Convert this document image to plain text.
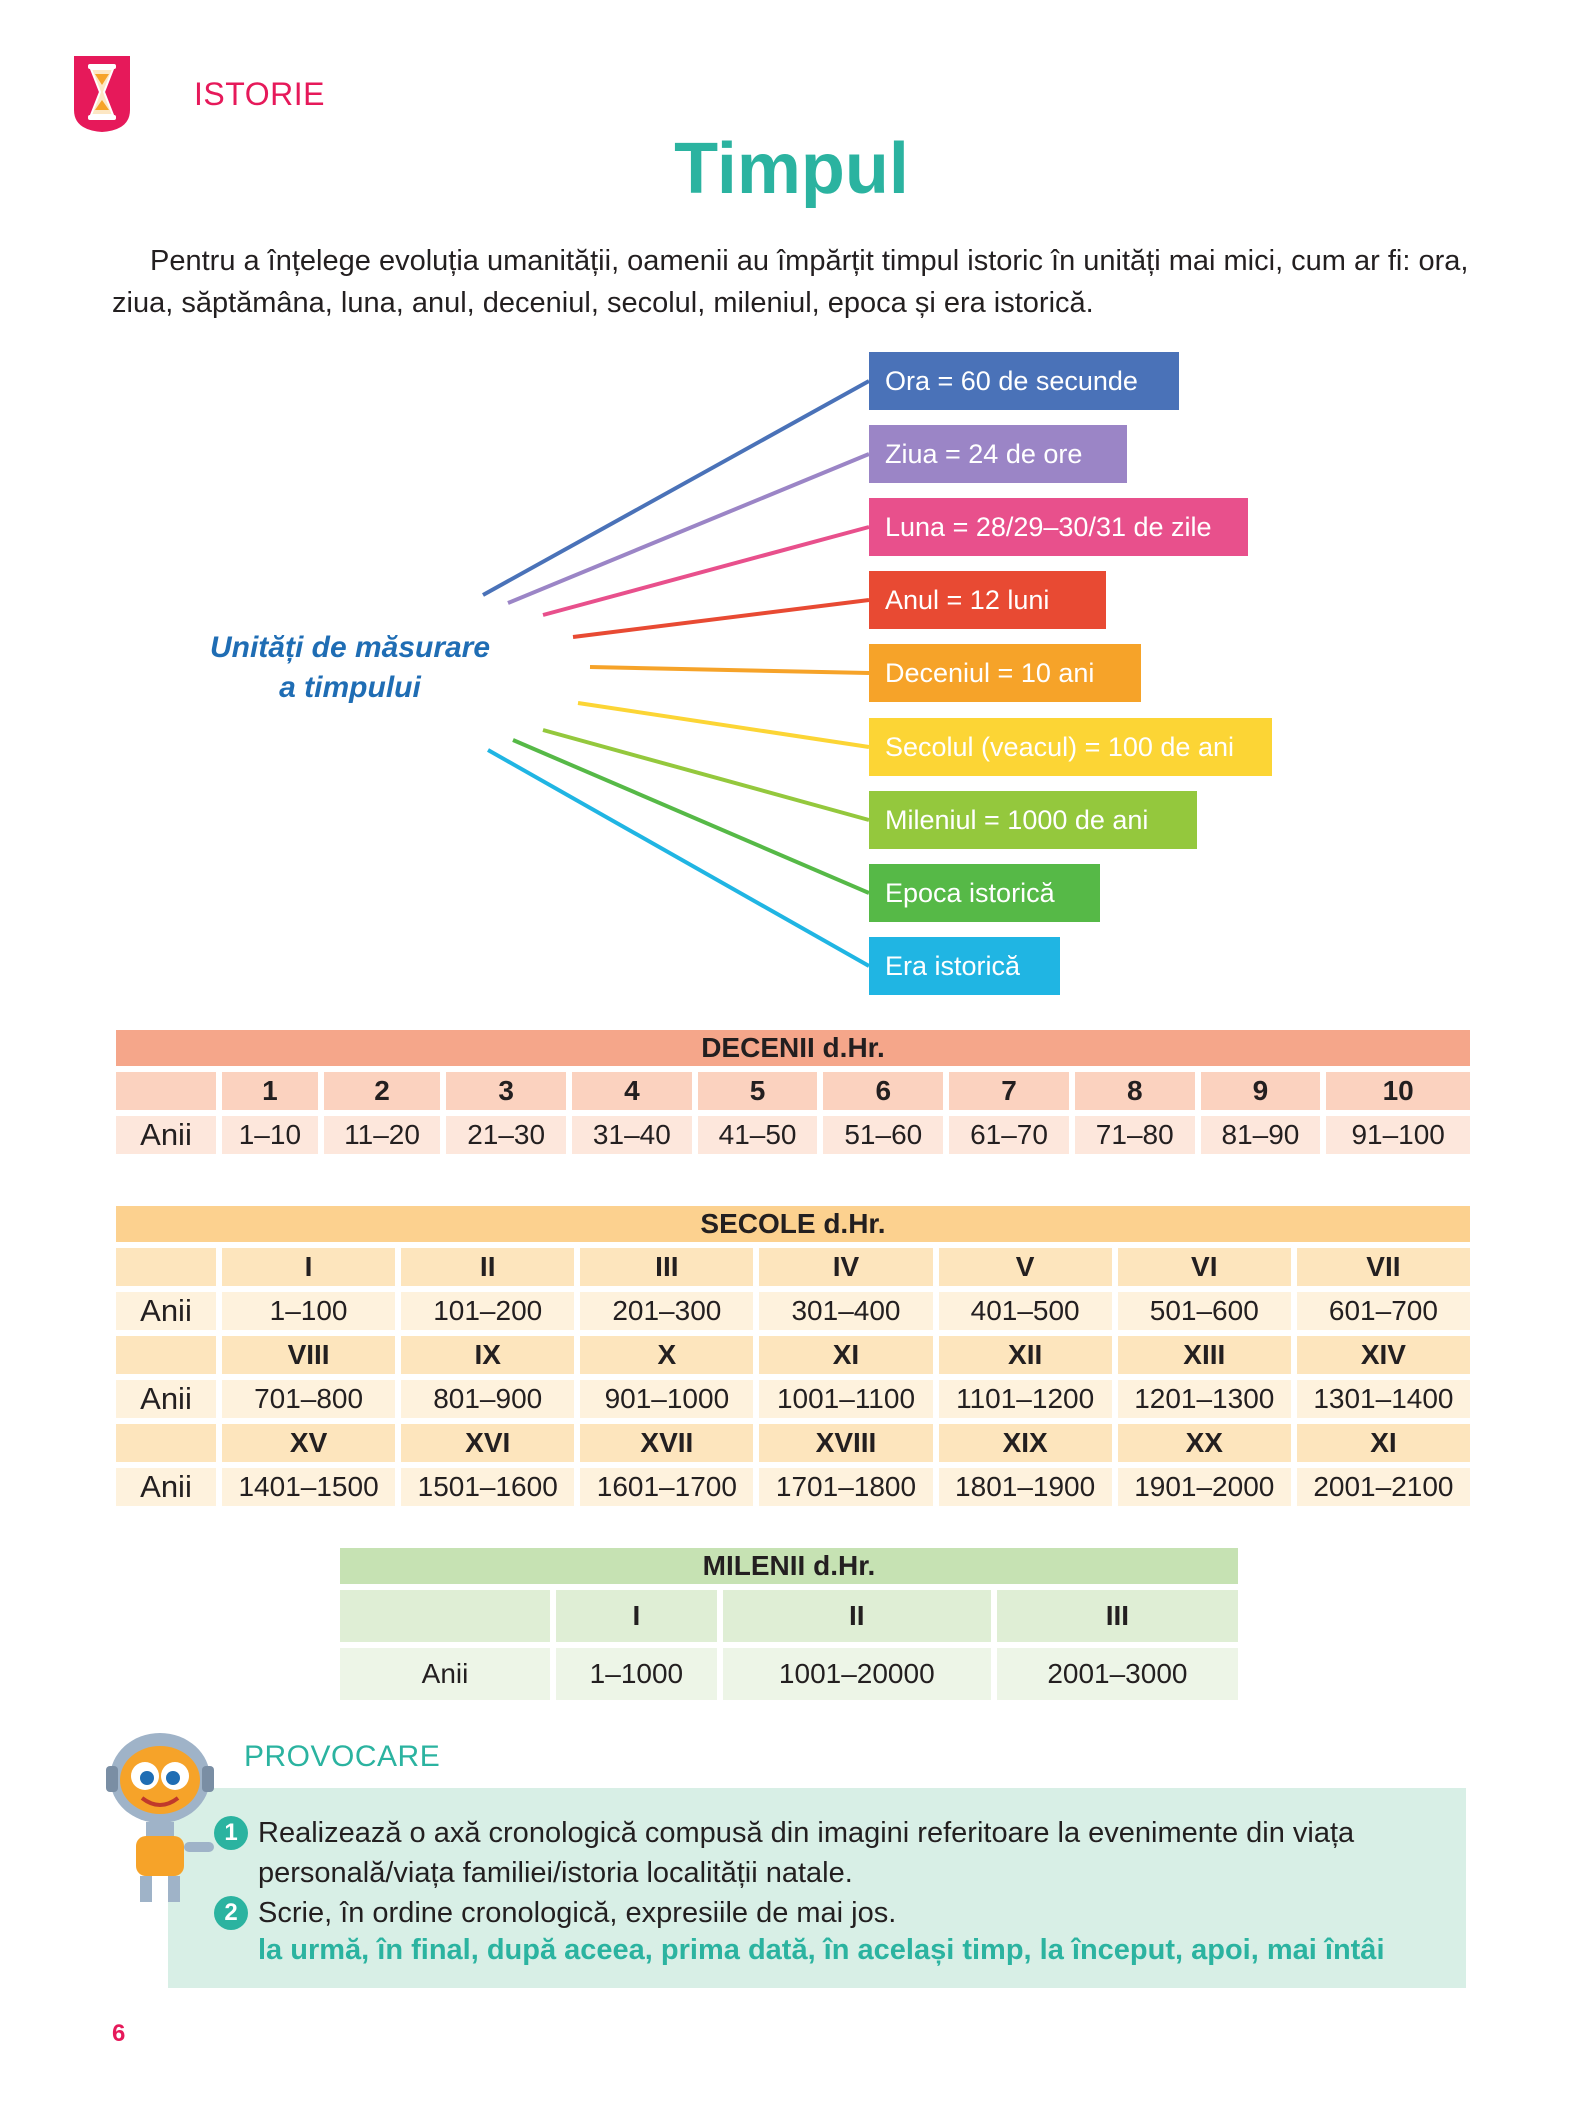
ISTORIE
Timpul
Pentru a înțelege evoluția umanității, oamenii au împărțit timpul istoric în unități mai mici, cum ar fi: ora, ziua, săptămâna, luna, anul, deceniul, secolul, mileniul, epoca și era istorică.
Unități de măsurare
a timpului
Ora = 60 de secunde
Ziua = 24 de ore
Luna = 28/29–30/31 de zile
Anul = 12 luni
Deceniul = 10 ani
Secolul (veacul) = 100 de ani
Mileniul = 1000 de ani
Epoca istorică
Era istorică
DECENII d.Hr.										
	1	2	3	4	5	6	7	8	9	10
Anii	1–10	11–20	21–30	31–40	41–50	51–60	61–70	71–80	81–90	91–100
SECOLE d.Hr.							
	I	II	III	IV	V	VI	VII
Anii	1–100	101–200	201–300	301–400	401–500	501–600	601–700
	VIII	IX	X	XI	XII	XIII	XIV
Anii	701–800	801–900	901–1000	1001–1100	1101–1200	1201–1300	1301–1400
	XV	XVI	XVII	XVIII	XIX	XX	XI
Anii	1401–1500	1501–1600	1601–1700	1701–1800	1801–1900	1901–2000	2001–2100
MILENII d.Hr.			
	I	II	III
Anii	1–1000	1001–20000	2001–3000
PROVOCARE
1 Realizează o axă cronologică compusă din imagini referitoare la evenimente din viața
personală/viața familiei/istoria localității natale.
2 Scrie, în ordine cronologică, expresiile de mai jos.
la urmă, în final, după aceea, prima dată, în același timp, la început, apoi, mai întâi
6
